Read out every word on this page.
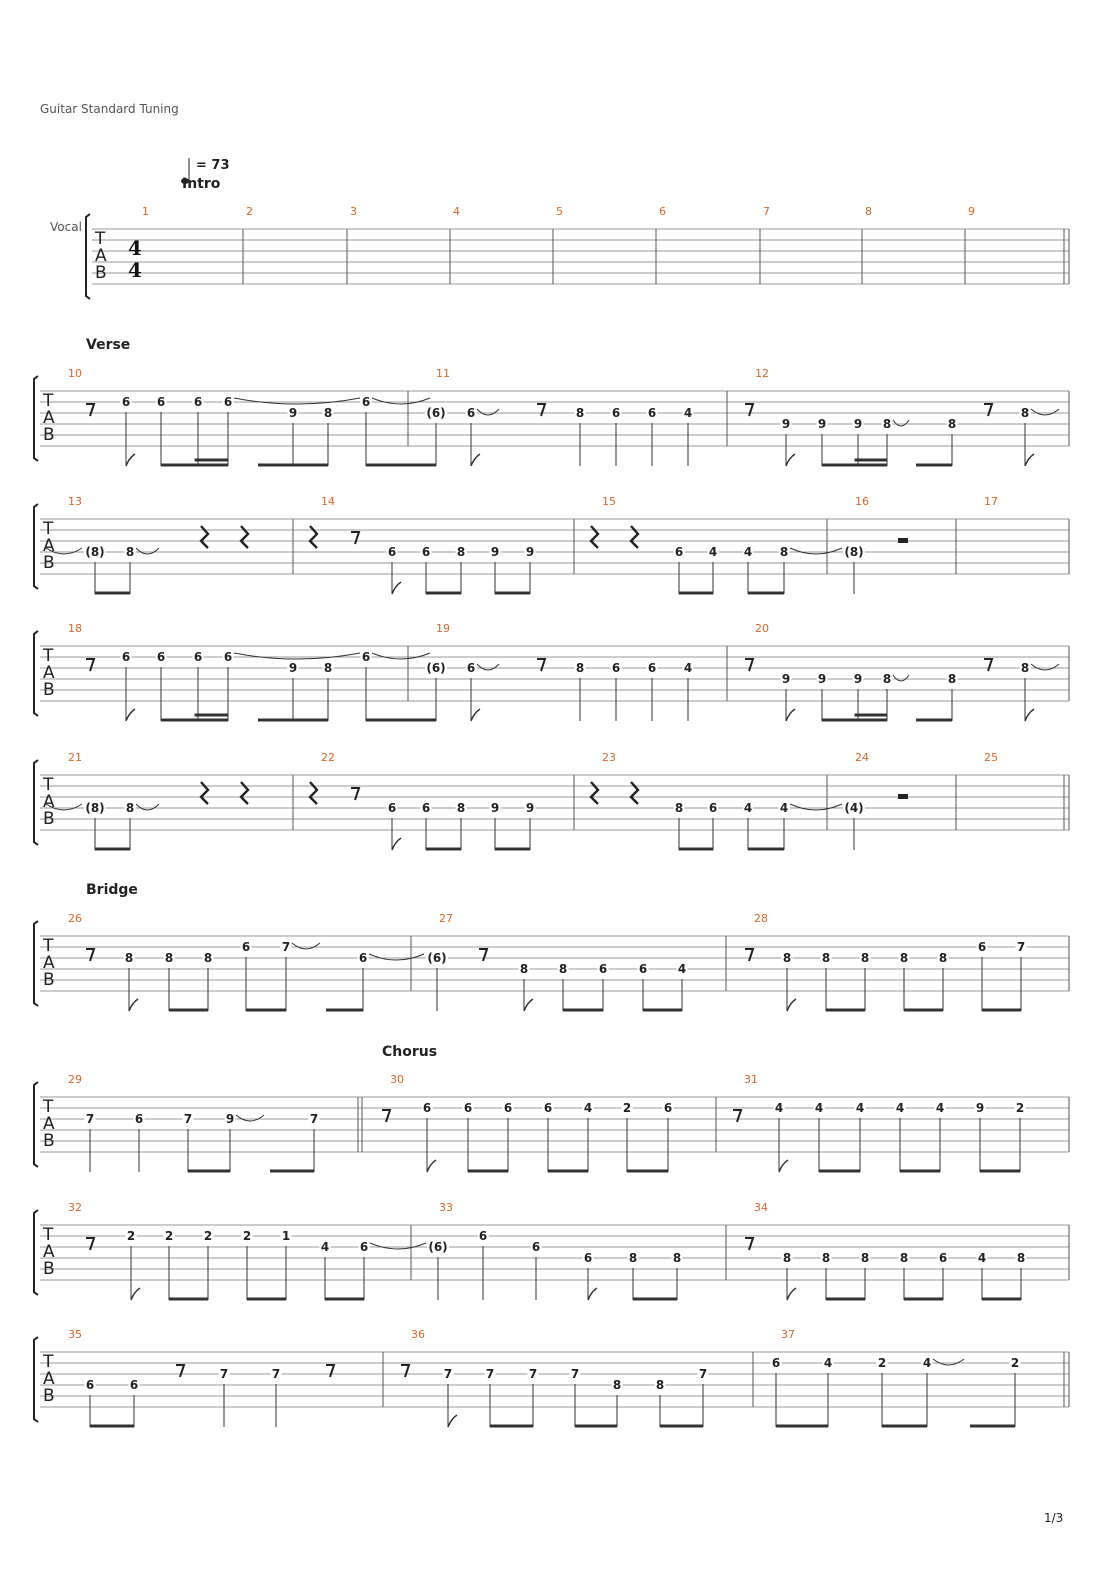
Guitar Standard Tuning
= 73
Vocal
T
A
B
4
4
Intro
1	2	3	4	5	6	7	8	9
T
A
B
Verse
10
6 6 6 6
9 8
6
11
(6) 6	8 6 6 4
12
9 9 9 8	8
8
T
A
B
13
(8) 8
14
6 6 8 9 9
15
6 4 4 8
16
(8)
17
T
A
B
18
6 6 6 6
9 8
6
19
(6) 6	8 6 6 4
20
9 9 9 8	8
8
T
A
B
21
(8) 8
22
6 6 8 9 9
23
8 6 4 4
24
(4)
25
T
A
B
Bridge
26
8	8	8
6	7
6
27
(6)
8	8	6	6	4
28
8	8	8	8	8
6	7
T
A
B
Chorus
29
7	6	7	9	7
30
6	6	6	6	4	2	6
31
4	4	4	4	4	9	2
T
A
B
32
2 2	2	2	1
4	6
33
(6)
6
6
6	8	8
34
8	8	8	8	6	4	8
T
A
B
35
6	6
7	7
36
7	7	7	7
8	8
7
37
6	4	2	4	2
1/3
